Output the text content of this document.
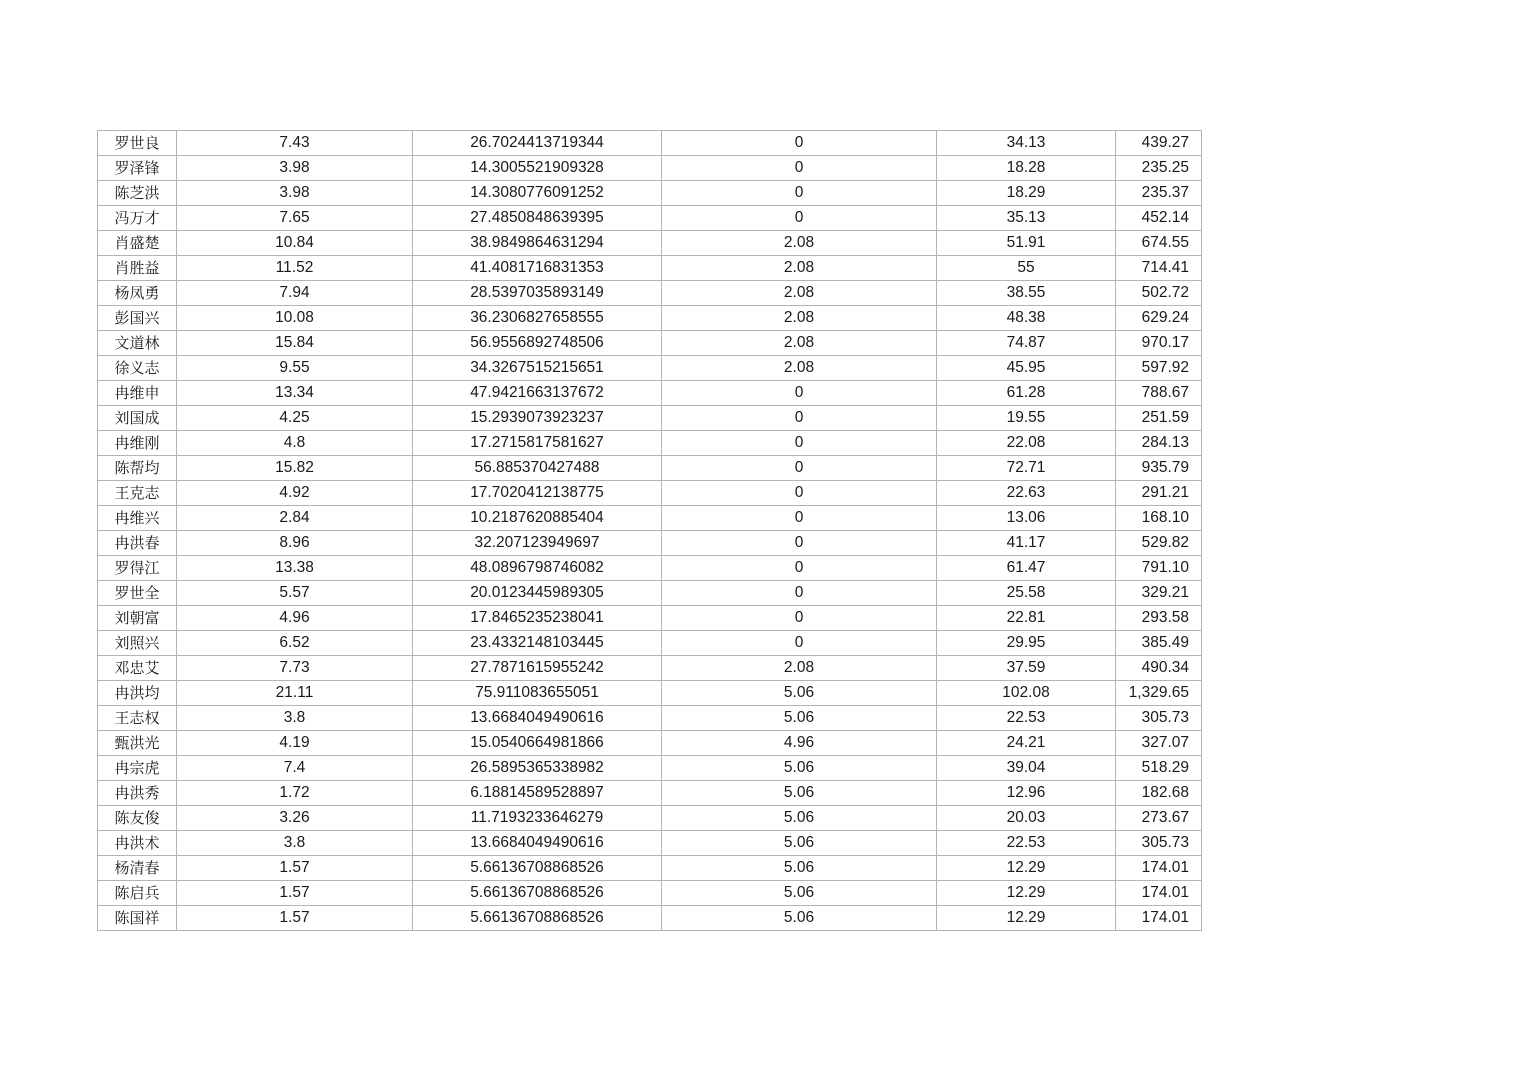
罗世良	7.43	26.7024413719344	0	34.13	439.27
罗泽锋	3.98	14.3005521909328	0	18.28	235.25
陈芝洪	3.98	14.3080776091252	0	18.29	235.37
冯万才	7.65	27.4850848639395	0	35.13	452.14
肖盛楚	10.84	38.9849864631294	2.08	51.91	674.55
肖胜益	11.52	41.4081716831353	2.08	55	714.41
杨凤勇	7.94	28.5397035893149	2.08	38.55	502.72
彭国兴	10.08	36.2306827658555	2.08	48.38	629.24
文道林	15.84	56.9556892748506	2.08	74.87	970.17
徐义志	9.55	34.3267515215651	2.08	45.95	597.92
冉维申	13.34	47.9421663137672	0	61.28	788.67
刘国成	4.25	15.2939073923237	0	19.55	251.59
冉维刚	4.8	17.2715817581627	0	22.08	284.13
陈帮均	15.82	56.885370427488	0	72.71	935.79
王克志	4.92	17.7020412138775	0	22.63	291.21
冉维兴	2.84	10.2187620885404	0	13.06	168.10
冉洪春	8.96	32.207123949697	0	41.17	529.82
罗得江	13.38	48.0896798746082	0	61.47	791.10
罗世全	5.57	20.0123445989305	0	25.58	329.21
刘朝富	4.96	17.8465235238041	0	22.81	293.58
刘照兴	6.52	23.4332148103445	0	29.95	385.49
邓忠艾	7.73	27.7871615955242	2.08	37.59	490.34
冉洪均	21.11	75.911083655051	5.06	102.08	1,329.65
王志权	3.8	13.6684049490616	5.06	22.53	305.73
甄洪光	4.19	15.0540664981866	4.96	24.21	327.07
冉宗虎	7.4	26.5895365338982	5.06	39.04	518.29
冉洪秀	1.72	6.18814589528897	5.06	12.96	182.68
陈友俊	3.26	11.7193233646279	5.06	20.03	273.67
冉洪术	3.8	13.6684049490616	5.06	22.53	305.73
杨清春	1.57	5.66136708868526	5.06	12.29	174.01
陈启兵	1.57	5.66136708868526	5.06	12.29	174.01
陈国祥	1.57	5.66136708868526	5.06	12.29	174.01
